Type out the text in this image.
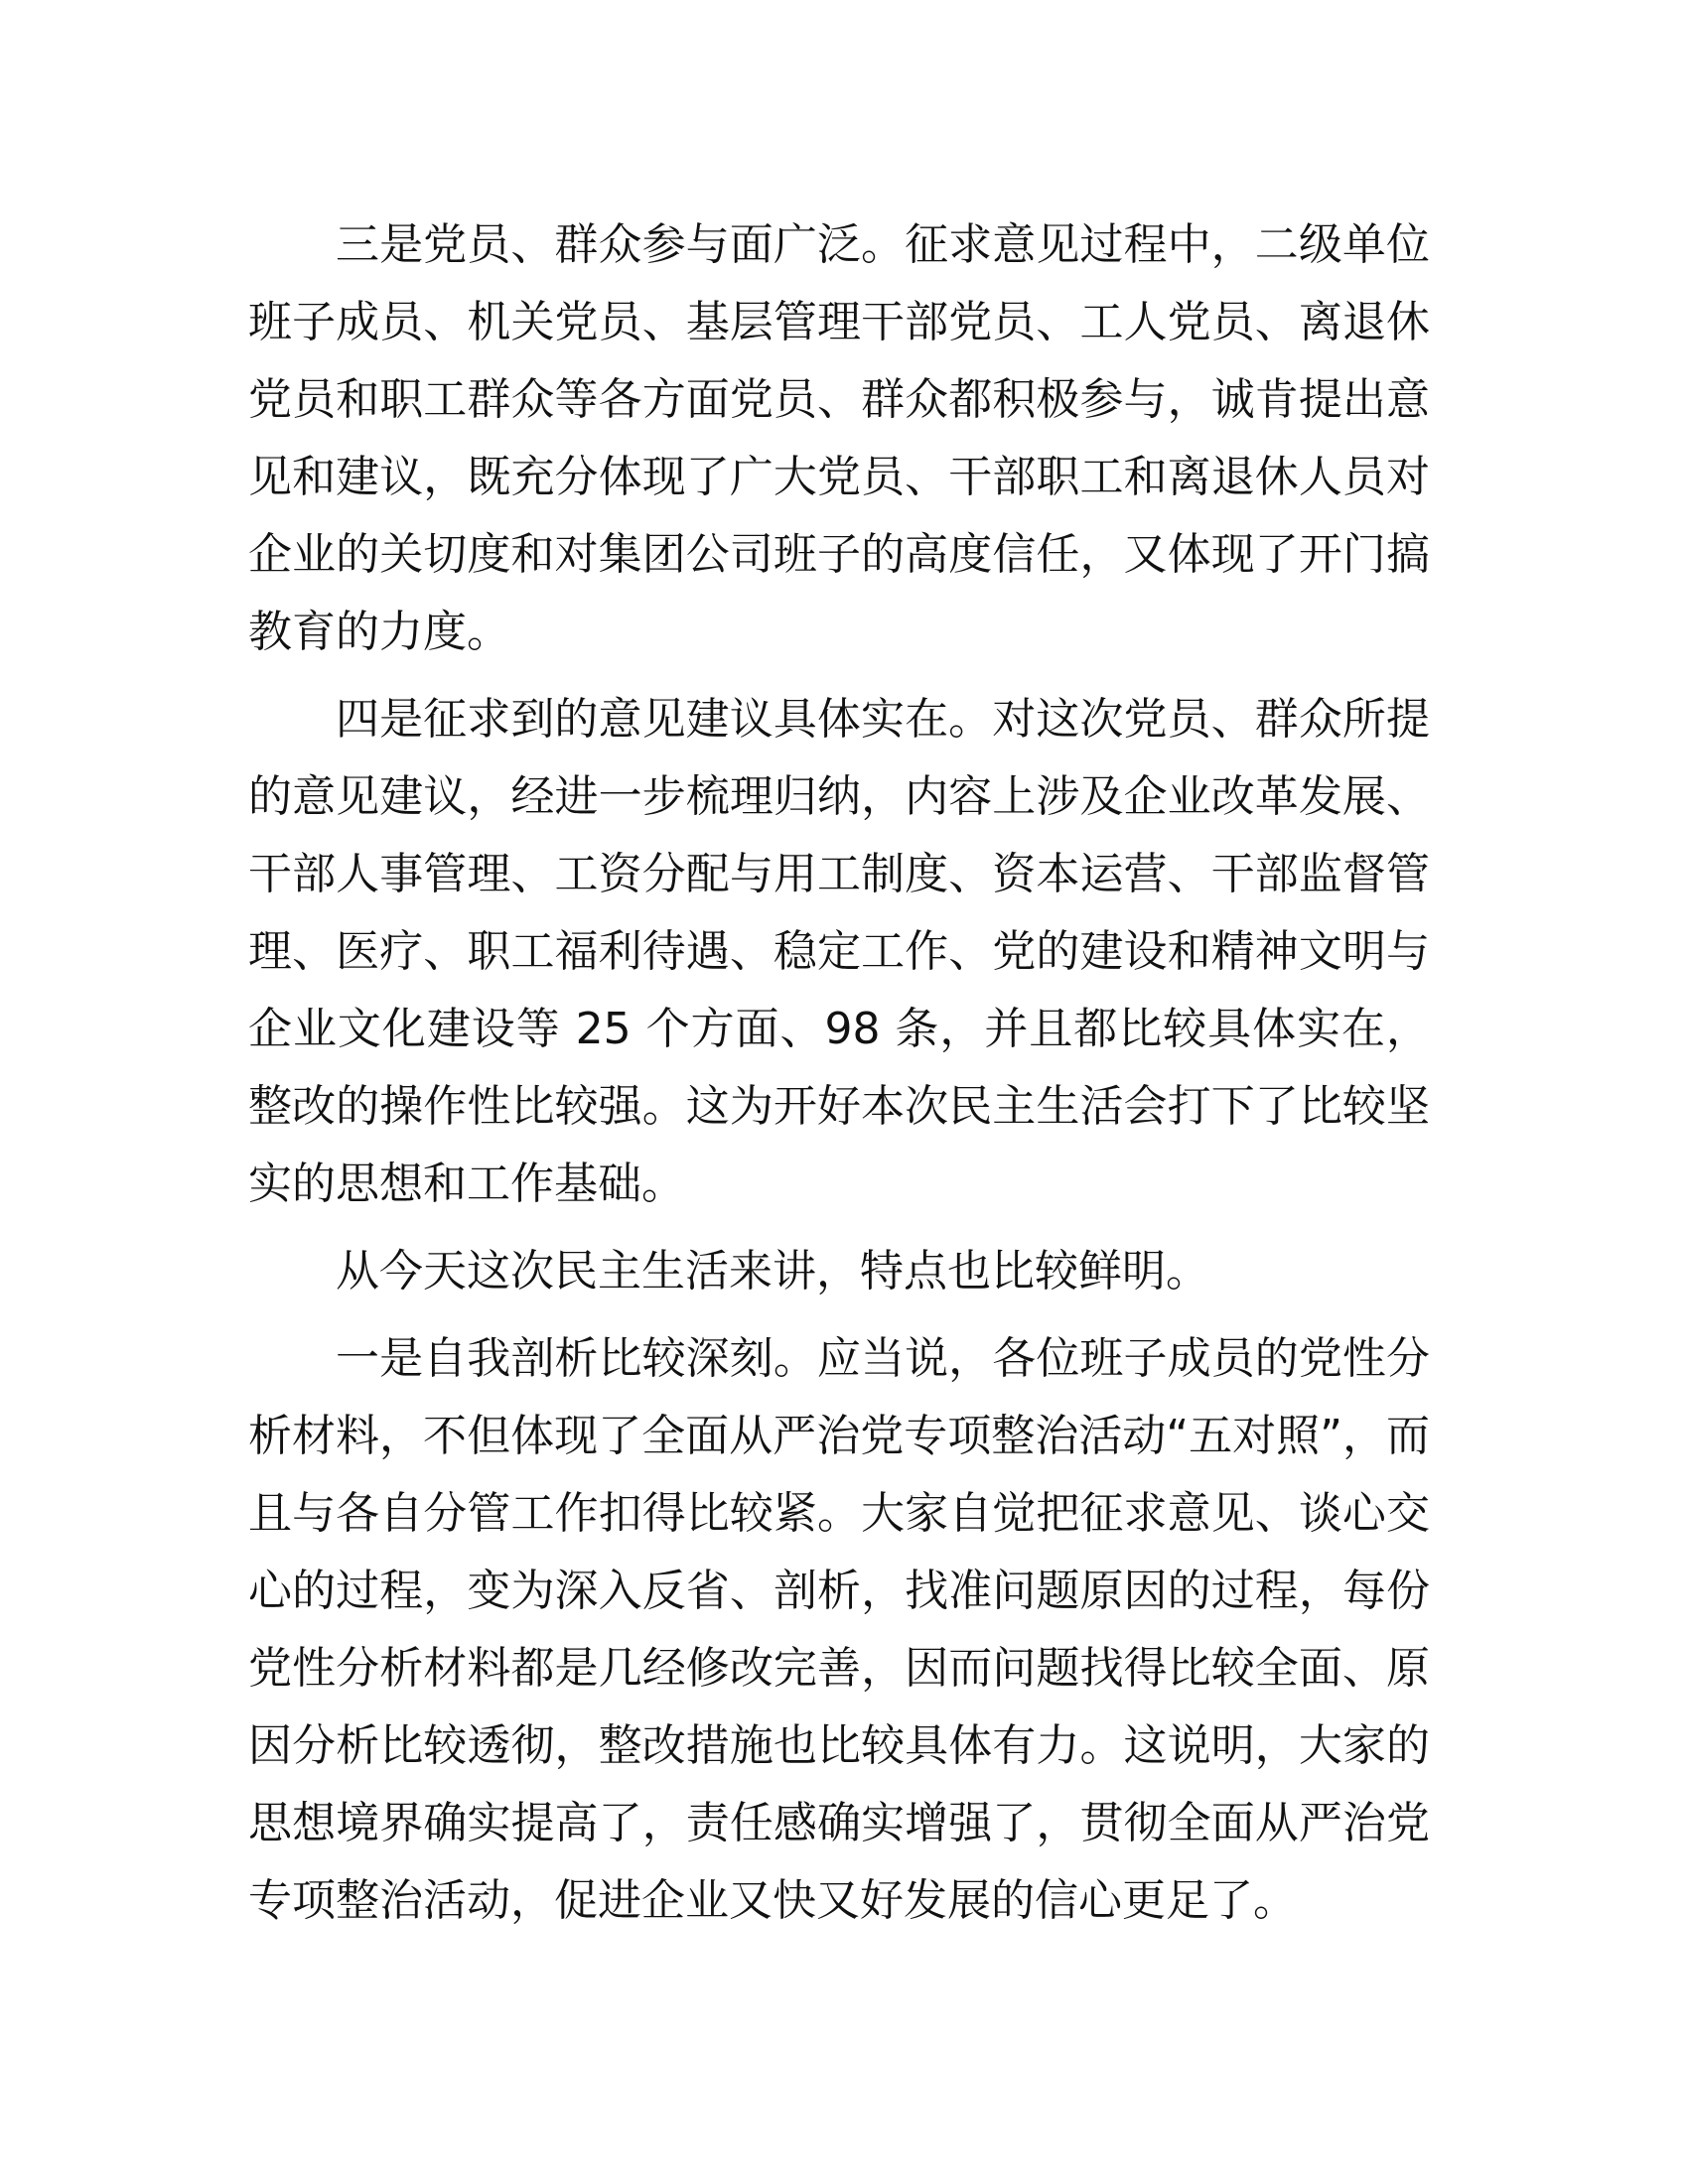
三是党员、群众参与面广泛。征求意见过程中，二级单位班子成员、机关党员、基层管理干部党员、工人党员、离退休党员和职工群众等各方面党员、群众都积极参与，诚肯提出意见和建议，既充分体现了广大党员、干部职工和离退休人员对企业的关切度和对集团公司班子的高度信任，又体现了开门搞教育的力度。

四是征求到的意见建议具体实在。对这次党员、群众所提的意见建议，经进一步梳理归纳，内容上涉及企业改革发展、干部人事管理、工资分配与用工制度、资本运营、干部监督管理、医疗、职工福利待遇、稳定工作、党的建设和精神文明与企业文化建设等 25 个方面、98 条，并且都比较具体实在，整改的操作性比较强。这为开好本次民主生活会打下了比较坚实的思想和工作基础。

从今天这次民主生活来讲，特点也比较鲜明。

一是自我剖析比较深刻。应当说，各位班子成员的党性分析材料，不但体现了全面从严治党专项整治活动“五对照”，而且与各自分管工作扣得比较紧。大家自觉把征求意见、谈心交心的过程，变为深入反省、剖析，找准问题原因的过程，每份党性分析材料都是几经修改完善，因而问题找得比较全面、原因分析比较透彻，整改措施也比较具体有力。这说明，大家的思想境界确实提高了，责任感确实增强了，贯彻全面从严治党专项整治活动，促进企业又快又好发展的信心更足了。
